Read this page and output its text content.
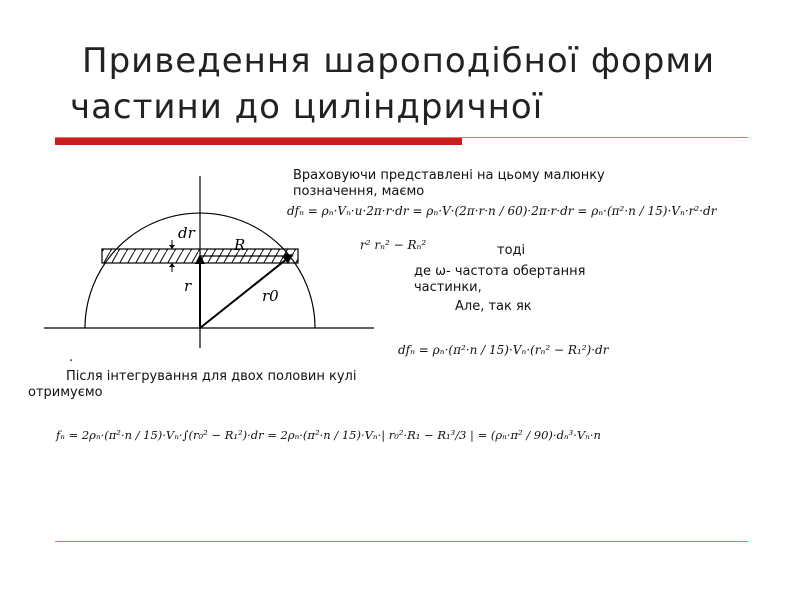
Приведення шароподібної форми
частини до циліндричної
dr
R
r
r0
Враховуючи представлені на цьому малюнку
позначення, маємо
dfₙ = ρₙ·Vₙ·u·2π·r·dr = ρₙ·V·(2π·r·n / 60)·2π·r·dr = ρₙ·(π²·n / 15)·Vₙ·r²·dr
r² rₙ² − Rₙ²	тоді
де ω- частота обертання
частинки,
Але, так як
dfₙ = ρₙ·(π²·n / 15)·Vₙ·(rₙ² − R₁²)·dr
.
Після інтегрування для двох половин кулі
отримуємо
fₙ = 2ρₙ·(π²·n / 15)·Vₙ·∫(r₀² − R₁²)·dr = 2ρₙ·(π²·n / 15)·Vₙ·| r₀²·R₁ − R₁³/3 | = (ρₙ·π² / 90)·dₙ³·Vₙ·n
